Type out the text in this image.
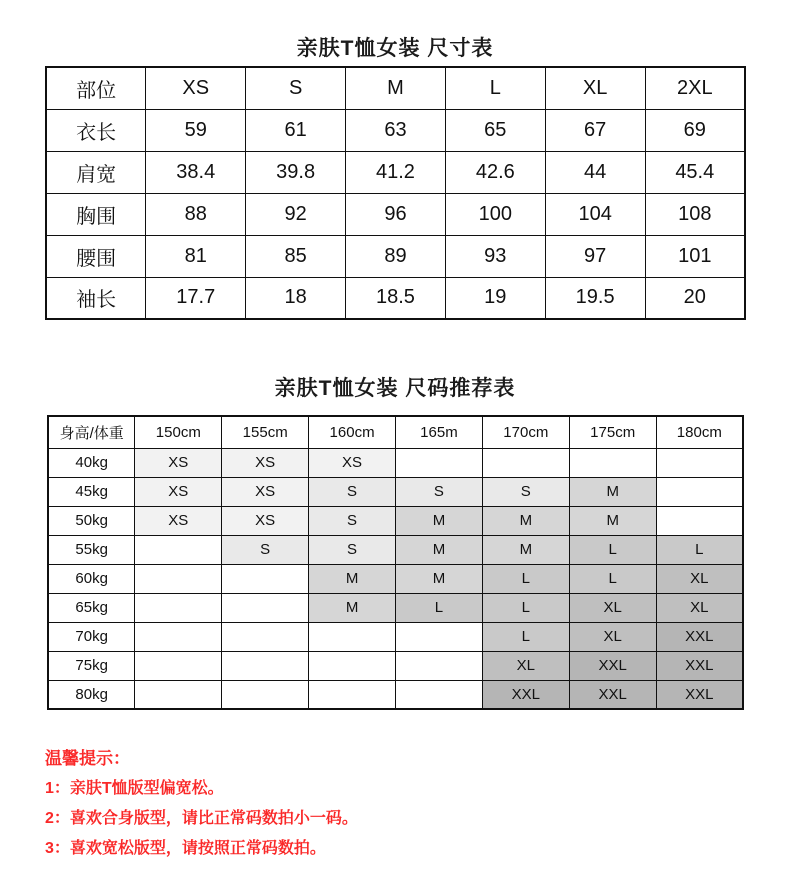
亲肤T恤女装 尺寸表
部位	XS	S	M	L	XL	2XL
衣长	59	61	63	65	67	69
肩宽	38.4	39.8	41.2	42.6	44	45.4
胸围	88	92	96	100	104	108
腰围	81	85	89	93	97	101
袖长	17.7	18	18.5	19	19.5	20
亲肤T恤女装 尺码推荐表
身高/体重	150cm	155cm	160cm	165m	170cm	175cm	180cm
40kg	XS	XS	XS				
45kg	XS	XS	S	S	S	M	
50kg	XS	XS	S	M	M	M	
55kg		S	S	M	M	L	L
60kg			M	M	L	L	XL
65kg			M	L	L	XL	XL
70kg					L	XL	XXL
75kg					XL	XXL	XXL
80kg					XXL	XXL	XXL
温馨提示：
1：亲肤T恤版型偏宽松。
2：喜欢合身版型，请比正常码数拍小一码。
3：喜欢宽松版型，请按照正常码数拍。
